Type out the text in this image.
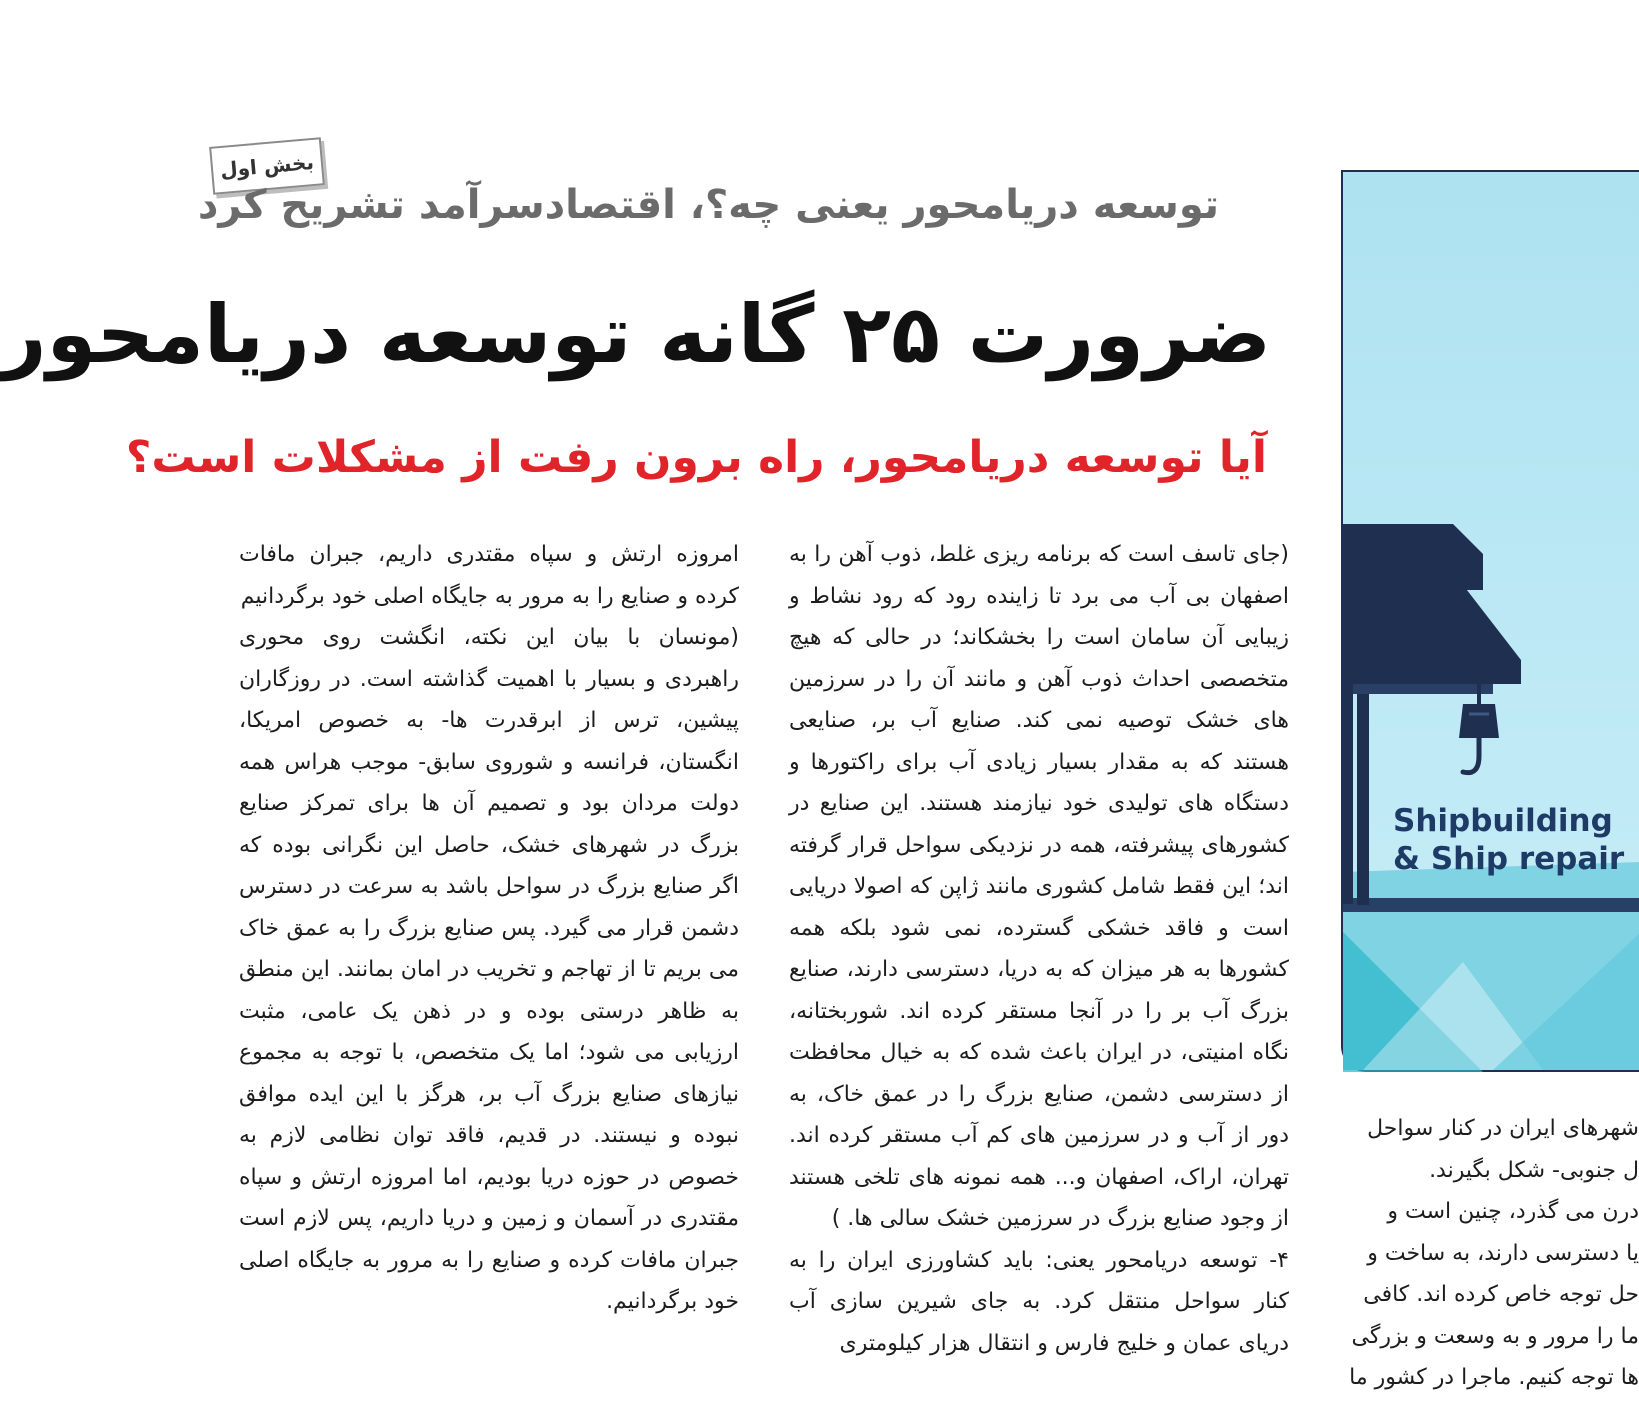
بخش اول
توسعه دریامحور یعنی چه؟، اقتصادسرآمد تشریح کرد
ضرورت ۲۵ گانه توسعه دریامحور
آیا توسعه دریامحور، راه برون رفت از مشکلات است؟

(جای تاسف است که برنامه ریزی غلط، ذوب آهن را به اصفهان بی آب می برد تا زاینده رود که رود نشاط و زیبایی آن سامان است را بخشکاند؛ در حالی که هیچ متخصصی احداث ذوب آهن و مانند آن را در سرزمین های خشک توصیه نمی کند. صنایع آب بر، صنایعی هستند که به مقدار بسیار زیادی آب برای راکتورها و دستگاه های تولیدی خود نیازمند هستند. این صنایع در کشورهای پیشرفته، همه در نزدیکی سواحل قرار گرفته اند؛ این فقط شامل کشوری مانند ژاپن که اصولا دریایی است و فاقد خشکی گسترده، نمی شود بلکه همه کشورها به هر میزان که به دریا، دسترسی دارند، صنایع بزرگ آب بر را در آنجا مستقر کرده اند. شوربختانه، نگاه امنیتی، در ایران باعث شده که به خیال محافظت از دسترسی دشمن، صنایع بزرگ را در عمق خاک، به دور از آب و در سرزمین های کم آب مستقر کرده اند. تهران، اراک، اصفهان و... همه نمونه های تلخی هستند از وجود صنایع بزرگ در سرزمین خشک سالی ها. )

۴- توسعه دریامحور یعنی: باید کشاورزی ایران را به کنار سواحل منتقل کرد. به جای شیرین سازی آب دریای عمان و خلیج فارس و انتقال هزار کیلومتری

امروزه ارتش و سپاه مقتدری داریم، جبران مافات کرده و صنایع را به مرور به جایگاه اصلی خود برگردانیم

(مونسان با بیان این نکته، انگشت روی محوری راهبردی و بسیار با اهمیت گذاشته است. در روزگاران پیشین، ترس از ابرقدرت ها- به خصوص امریکا، انگستان، فرانسه و شوروی سابق- موجب هراس همه دولت مردان بود و تصمیم آن ها برای تمرکز صنایع بزرگ در شهرهای خشک، حاصل این نگرانی بوده که اگر صنایع بزرگ در سواحل باشد به سرعت در دسترس دشمن قرار می گیرد. پس صنایع بزرگ را به عمق خاک می بریم تا از تهاجم و تخریب در امان بمانند. این منطق به ظاهر درستی بوده و در ذهن یک عامی، مثبت ارزیابی می شود؛ اما یک متخصص، با توجه به مجموع نیازهای صنایع بزرگ آب بر، هرگز با این ایده موافق نبوده و نیستند. در قدیم، فاقد توان نظامی لازم به خصوص در حوزه دریا بودیم، اما امروزه ارتش و سپاه مقتدری در آسمان و زمین و دریا داریم، پس لازم است جبران مافات کرده و صنایع را به مرور به جایگاه اصلی خود برگردانیم.

Shipbuilding
& Ship repair

شهرهای ایران در کنار سواحل

ل جنوبی- شکل بگیرند.

درن می گذرد، چنین است و

یا دسترسی دارند، به ساخت و

حل توجه خاص کرده اند. کافی

ما را مرور و به وسعت و بزرگی

ها توجه کنیم. ماجرا در کشور ما
